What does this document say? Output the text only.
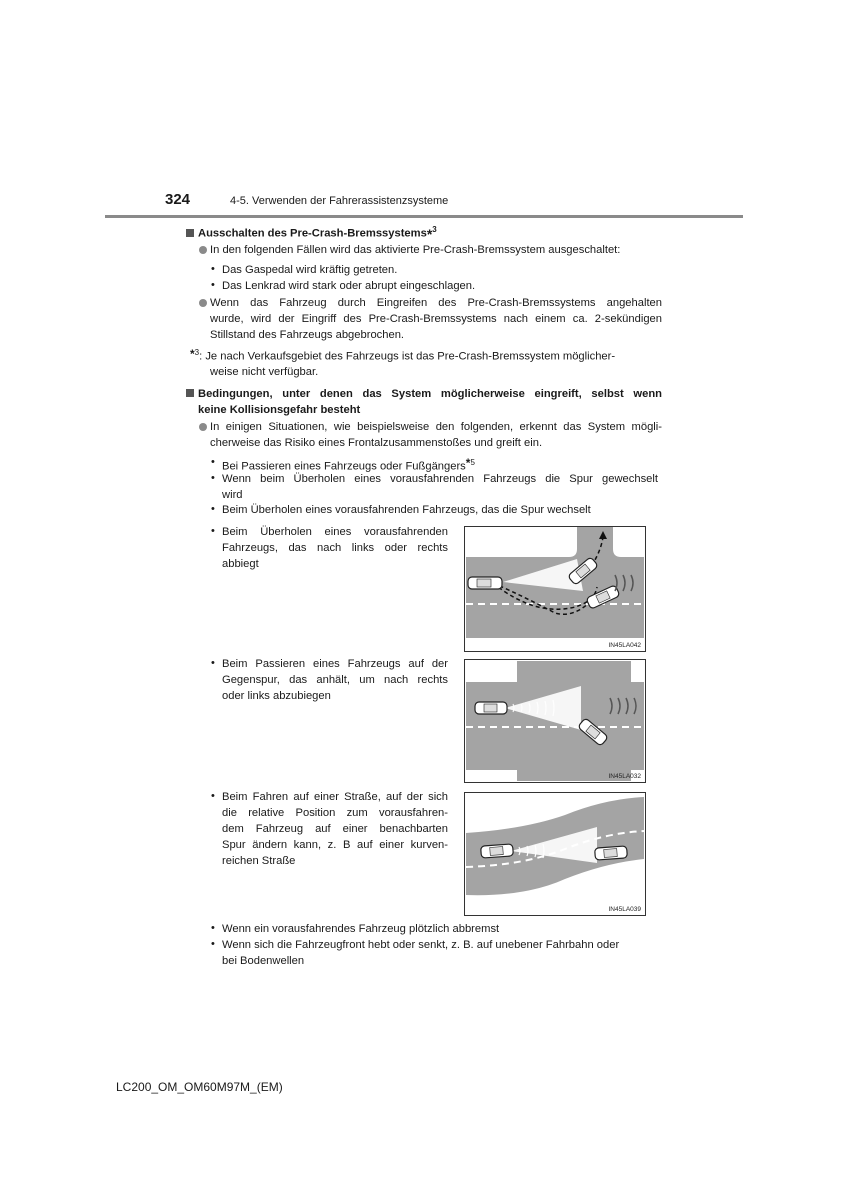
324	4-5. Verwenden der Fahrerassistenzsysteme
Ausschalten des Pre-Crash-Bremssystems*$^3$
In den folgenden Fällen wird das aktivierte Pre-Crash-Bremssystem ausgeschaltet:
• Das Gaspedal wird kräftig getreten.
• Das Lenkrad wird stark oder abrupt eingeschlagen.
Wenn das Fahrzeug durch Eingreifen des Pre-Crash-Bremssystems angehalten
wurde, wird der Eingriff des Pre-Crash-Bremssystems nach einem ca. 2-sekündigen
Stillstand des Fahrzeugs abgebrochen.
*$^3$: Je nach Verkaufsgebiet des Fahrzeugs ist das Pre-Crash-Bremssystem möglicher-
weise nicht verfügbar.
Bedingungen, unter denen das System möglicherweise eingreift, selbst wenn
keine Kollisionsgefahr besteht
In einigen Situationen, wie beispielsweise den folgenden, erkennt das System mögli-
cherweise das Risiko eines Frontalzusammenstoßes und greift ein.
• Bei Passieren eines Fahrzeugs oder Fußgängers*$^5$
• Wenn beim Überholen eines vorausfahrenden Fahrzeugs die Spur gewechselt
wird
• Beim Überholen eines vorausfahrenden Fahrzeugs, das die Spur wechselt
• Beim Überholen eines vorausfahrenden
Fahrzeugs, das nach links oder rechts
abbiegt
IN45LA042
• Beim Passieren eines Fahrzeugs auf der
Gegenspur, das anhält, um nach rechts
oder links abzubiegen
IN45LA032
• Beim Fahren auf einer Straße, auf der sich
die relative Position zum vorausfahren-
dem Fahrzeug auf einer benachbarten
Spur ändern kann, z. B auf einer kurven-
reichen Straße
IN45LA039
• Wenn ein vorausfahrendes Fahrzeug plötzlich abbremst
• Wenn sich die Fahrzeugfront hebt oder senkt, z. B. auf unebener Fahrbahn oder
bei Bodenwellen
LC200_OM_OM60M97M_(EM)
